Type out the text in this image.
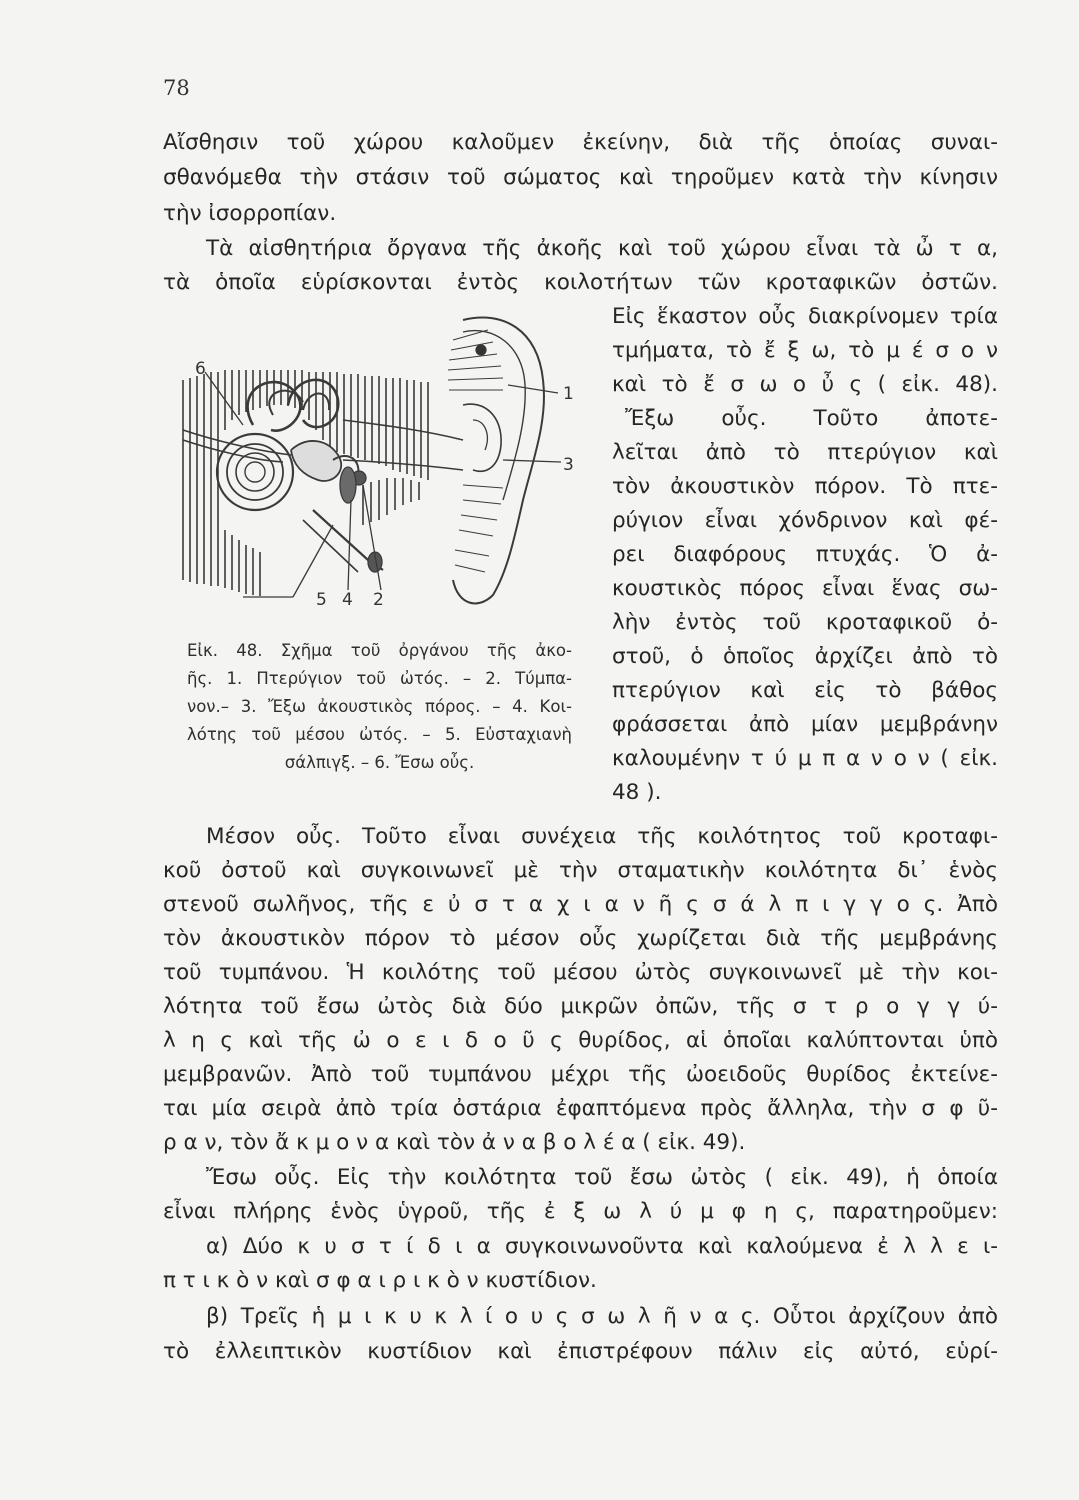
78
Αἴσθησιν τοῦ χώρου καλοῦμεν ἐκείνην, διὰ τῆς ὁποίας συναι-
σθανόμεθα τὴν στάσιν τοῦ σώματος καὶ τηροῦμεν κατὰ τὴν κίνησιν
τὴν ἰσορροπίαν.
Τὰ αἰσθητήρια ὄργανα τῆς ἀκοῆς καὶ τοῦ χώρου εἶναι τὰ ὦ τ α,
τὰ ὁποῖα εὑρίσκονται ἐντὸς κοιλοτήτων τῶν κροταφικῶν ὀστῶν.
Εἰς ἕκαστον οὖς διακρίνομεν τρία
τμήματα, τὸ ἔ ξ ω, τὸ μ έ σ ο ν
καὶ τὸ ἔ σ ω ο ὖ ς ( εἰκ. 48).
Ἔξω οὖς. Τοῦτο ἀποτε-
λεῖται ἀπὸ τὸ πτερύγιον καὶ
τὸν ἀκουστικὸν πόρον. Τὸ πτε-
ρύγιον εἶναι χόνδρινον καὶ φέ-
ρει διαφόρους πτυχάς. Ὁ ἀ-
κουστικὸς πόρος εἶναι ἕνας σω-
λὴν ἐντὸς τοῦ κροταφικοῦ ὀ-
στοῦ, ὁ ὁποῖος ἀρχίζει ἀπὸ τὸ
πτερύγιον καὶ εἰς τὸ βάθος
φράσσεται ἀπὸ μίαν μεμβράνην
καλουμένην τ ύ μ π α ν ο ν ( εἰκ.
48 ).
6
1
3
5 4 2
Εἰκ. 48. Σχῆμα τοῦ ὀργάνου τῆς ἀκο-
ῆς. 1. Πτερύγιον τοῦ ὠτός. – 2. Τύμπα-
νον.– 3. Ἔξω ἀκουστικὸς πόρος. – 4. Κοι-
λότης τοῦ μέσου ὠτός. – 5. Εὐσταχιανὴ
σάλπιγξ. – 6. Ἔσω οὖς.
Μέσον οὖς. Τοῦτο εἶναι συνέχεια τῆς κοιλότητος τοῦ κροταφι-
κοῦ ὀστοῦ καὶ συγκοινωνεῖ μὲ τὴν σταματικὴν κοιλότητα δι᾿ ἑνὸς
στενοῦ σωλῆνος, τῆς ε ὐ σ τ α χ ι α ν ῆ ς σ ά λ π ι γ γ ο ς. Ἀπὸ
τὸν ἀκουστικὸν πόρον τὸ μέσον οὖς χωρίζεται διὰ τῆς μεμβράνης
τοῦ τυμπάνου. Ἡ κοιλότης τοῦ μέσου ὠτὸς συγκοινωνεῖ μὲ τὴν κοι-
λότητα τοῦ ἔσω ὠτὸς διὰ δύο μικρῶν ὀπῶν, τῆς σ τ ρ ο γ γ ύ-
λ η ς καὶ τῆς ὠ ο ε ι δ ο ῦ ς θυρίδος, αἱ ὁποῖαι καλύπτονται ὑπὸ
μεμβρανῶν. Ἀπὸ τοῦ τυμπάνου μέχρι τῆς ὠοειδοῦς θυρίδος ἐκτείνε-
ται μία σειρὰ ἀπὸ τρία ὀστάρια ἐφαπτόμενα πρὸς ἄλληλα, τὴν σ φ ῦ-
ρ α ν, τὸν ἄ κ μ ο ν α καὶ τὸν ἀ ν α β ο λ έ α ( εἰκ. 49).
Ἔσω οὖς. Εἰς τὴν κοιλότητα τοῦ ἔσω ὠτὸς ( εἰκ. 49), ἡ ὁποία
εἶναι πλήρης ἑνὸς ὑγροῦ, τῆς ἐ ξ ω λ ύ μ φ η ς, παρατηροῦμεν:
α) Δύο κ υ σ τ ί δ ι α συγκοινωνοῦντα καὶ καλούμενα ἐ λ λ ε ι-
π τ ι κ ὸ ν καὶ σ φ α ι ρ ι κ ὸ ν κυστίδιον.
β) Τρεῖς ἡ μ ι κ υ κ λ ί ο υ ς σ ω λ ῆ ν α ς. Οὗτοι ἀρχίζουν ἀπὸ
τὸ ἐλλειπτικὸν κυστίδιον καὶ ἐπιστρέφουν πάλιν εἰς αὐτό, εὑρί-
